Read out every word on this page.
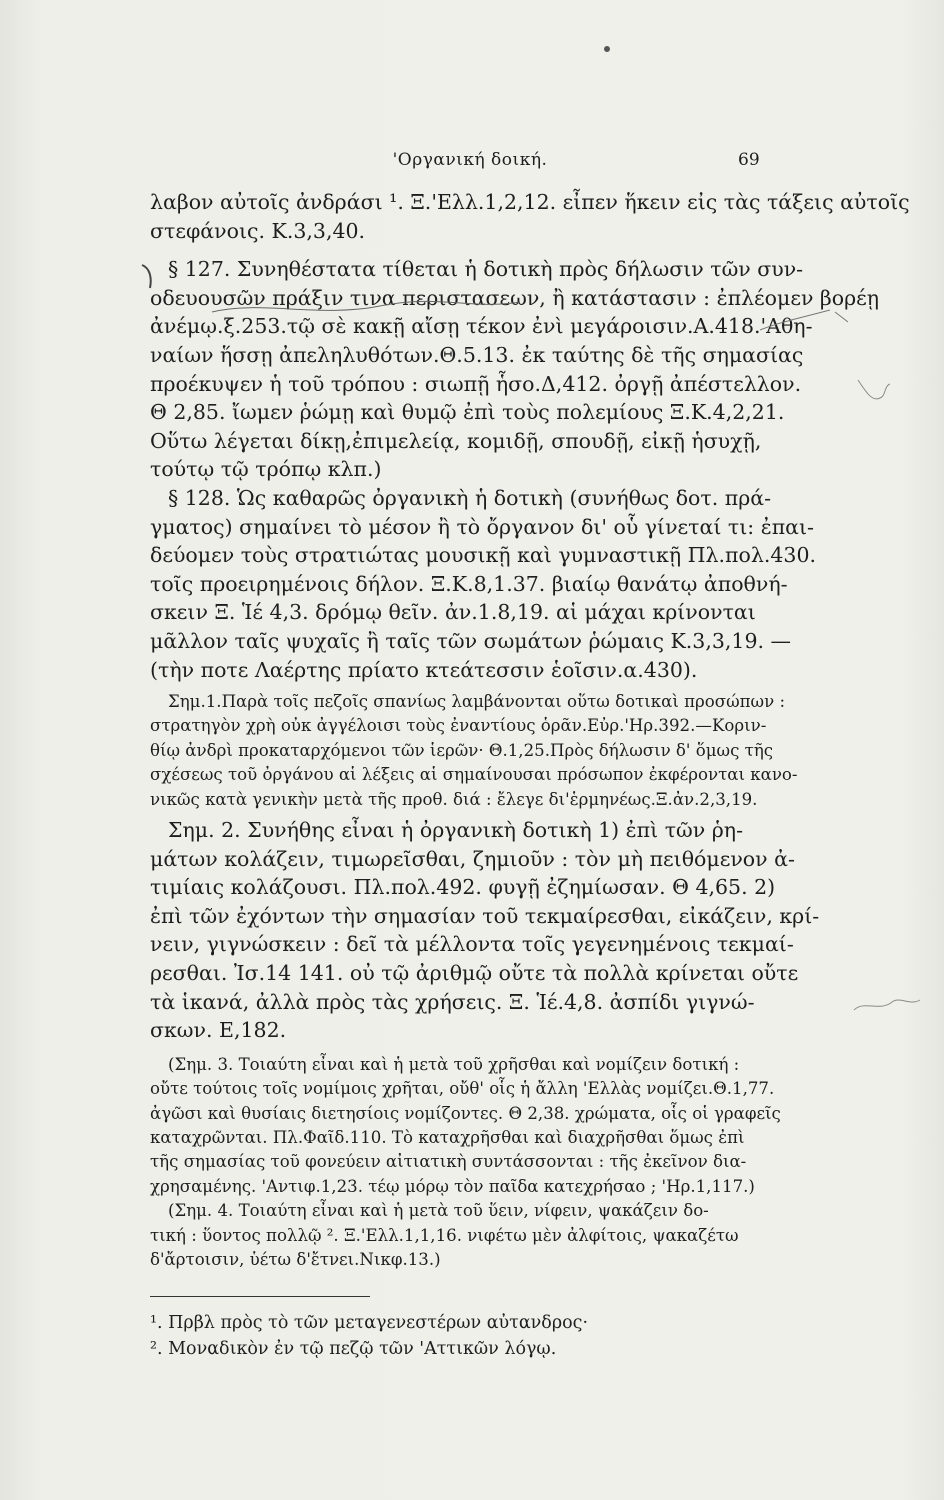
'Οργανική δοική.	69
λαβον αὐτοῖς ἀνδράσι ¹. Ξ.'Ελλ.1,2,12. εἶπεν ἥκειν εἰς τὰς τάξεις αὐτοῖς
στεφάνοις. Κ.3,3,40.
§ 127. Συνηθέστατα τίθεται ἡ δοτικὴ πρὸς δήλωσιν τῶν συν-
οδευουσῶν πράξιν τινα περιστασεων, ἢ κατάστασιν : ἐπλέομεν βορέῃ
ἀνέμῳ.ξ.253.τῷ σὲ κακῇ αἴσῃ τέκον ἐνὶ μεγάροισιν.Α.418.'Αθη-
ναίων ἥσσῃ ἀπεληλυθότων.Θ.5.13. ἐκ ταύτης δὲ τῆς σημασίας
προέκυψεν ἡ τοῦ τρόπου : σιωπῇ ἧσο.Δ,412. ὀργῇ ἀπέστελλον.
Θ 2,85. ἴωμεν ῥώμῃ καὶ θυμῷ ἐπὶ τοὺς πολεμίους Ξ.Κ.4,2,21.
Οὕτω λέγεται δίκῃ,ἐπιμελείᾳ, κομιδῇ, σπουδῇ, εἰκῇ ἡσυχῇ,
τούτῳ τῷ τρόπῳ κλπ.)
§ 128. Ὡς καθαρῶς ὀργανικὴ ἡ δοτικὴ (συνήθως δοτ. πρά-
γματος) σημαίνει τὸ μέσον ἢ τὸ ὄργανον δι' οὗ γίνεταί τι: ἐπαι-
δεύομεν τοὺς στρατιώτας μουσικῇ καὶ γυμναστικῇ Πλ.πολ.430.
τοῖς προειρημένοις δήλον. Ξ.Κ.8,1.37. βιαίῳ θανάτῳ ἀποθνή-
σκειν Ξ. Ἱέ 4,3. δρόμῳ θεῖν. ἀν.1.8,19. αἱ μάχαι κρίνονται
μᾶλλον ταῖς ψυχαῖς ἢ ταῖς τῶν σωμάτων ῥώμαις Κ.3,3,19. —
(τὴν ποτε Λαέρτης πρίατο κτεάτεσσιν ἑοῖσιν.α.430).
Σημ.1.Παρὰ τοῖς πεζοῖς σπανίως λαμβάνονται οὕτω δοτικαὶ προσώπων :
στρατηγὸν χρὴ οὐκ ἀγγέλοισι τοὺς ἐναντίους ὁρᾶν.Εὐρ.'Ηρ.392.—Κοριν-
θίῳ ἀνδρὶ προκαταρχόμενοι τῶν ἱερῶν· Θ.1,25.Πρὸς δήλωσιν δ' ὅμως τῆς
σχέσεως τοῦ ὀργάνου αἱ λέξεις αἱ σημαίνουσαι πρόσωπον ἐκφέρονται κανο-
νικῶς κατὰ γενικὴν μετὰ τῆς προθ. διά : ἔλεγε δι'ἑρμηνέως.Ξ.ἀν.2,3,19.
Σημ. 2. Συνήθης εἶναι ἡ ὀργανικὴ δοτικὴ 1) ἐπὶ τῶν ῥη-
μάτων κολάζειν, τιμωρεῖσθαι, ζημιοῦν : τὸν μὴ πειθόμενον ἀ-
τιμίαις κολάζουσι. Πλ.πολ.492. φυγῇ ἐζημίωσαν. Θ 4,65. 2)
ἐπὶ τῶν ἐχόντων τὴν σημασίαν τοῦ τεκμαίρεσθαι, εἰκάζειν, κρί-
νειν, γιγνώσκειν : δεῖ τὰ μέλλοντα τοῖς γεγενημένοις τεκμαί-
ρεσθαι. Ἰσ.14 141. οὐ τῷ ἀριθμῷ οὔτε τὰ πολλὰ κρίνεται οὔτε
τὰ ἱκανά, ἀλλὰ πρὸς τὰς χρήσεις. Ξ. Ἱέ.4,8. ἀσπίδι γιγνώ-
σκων. Ε,182.
(Σημ. 3. Τοιαύτη εἶναι καὶ ἡ μετὰ τοῦ χρῆσθαι καὶ νομίζειν δοτική :
οὔτε τούτοις τοῖς νομίμοις χρῆται, οὔθ' οἷς ἡ ἄλλη 'Ελλὰς νομίζει.Θ.1,77.
ἀγῶσι καὶ θυσίαις διετησίοις νομίζοντες. Θ 2,38. χρώματα, οἷς οἱ γραφεῖς
καταχρῶνται. Πλ.Φαῖδ.110. Τὸ καταχρῆσθαι καὶ διαχρῆσθαι ὅμως ἐπὶ
τῆς σημασίας τοῦ φονεύειν αἰτιατικὴ συντάσσονται : τῆς ἐκεῖνον δια-
χρησαμένης. 'Αντιφ.1,23. τέῳ μόρῳ τὸν παῖδα κατεχρήσαο ; 'Ηρ.1,117.)
(Σημ. 4. Τοιαύτη εἶναι καὶ ἡ μετὰ τοῦ ὕειν, νίφειν, ψακάζειν δο-
τική : ὕοντος πολλῷ ². Ξ.'Ελλ.1,1,16. νιφέτω μὲν ἀλφίτοις, ψακαζέτω
δ'ἄρτοισιν, ὑέτω δ'ἔτνει.Νικφ.13.)
¹. Πρβλ πρὸς τὸ τῶν μεταγενεστέρων αὐτανδρος·
². Μοναδικὸν ἐν τῷ πεζῷ τῶν 'Αττικῶν λόγῳ.
